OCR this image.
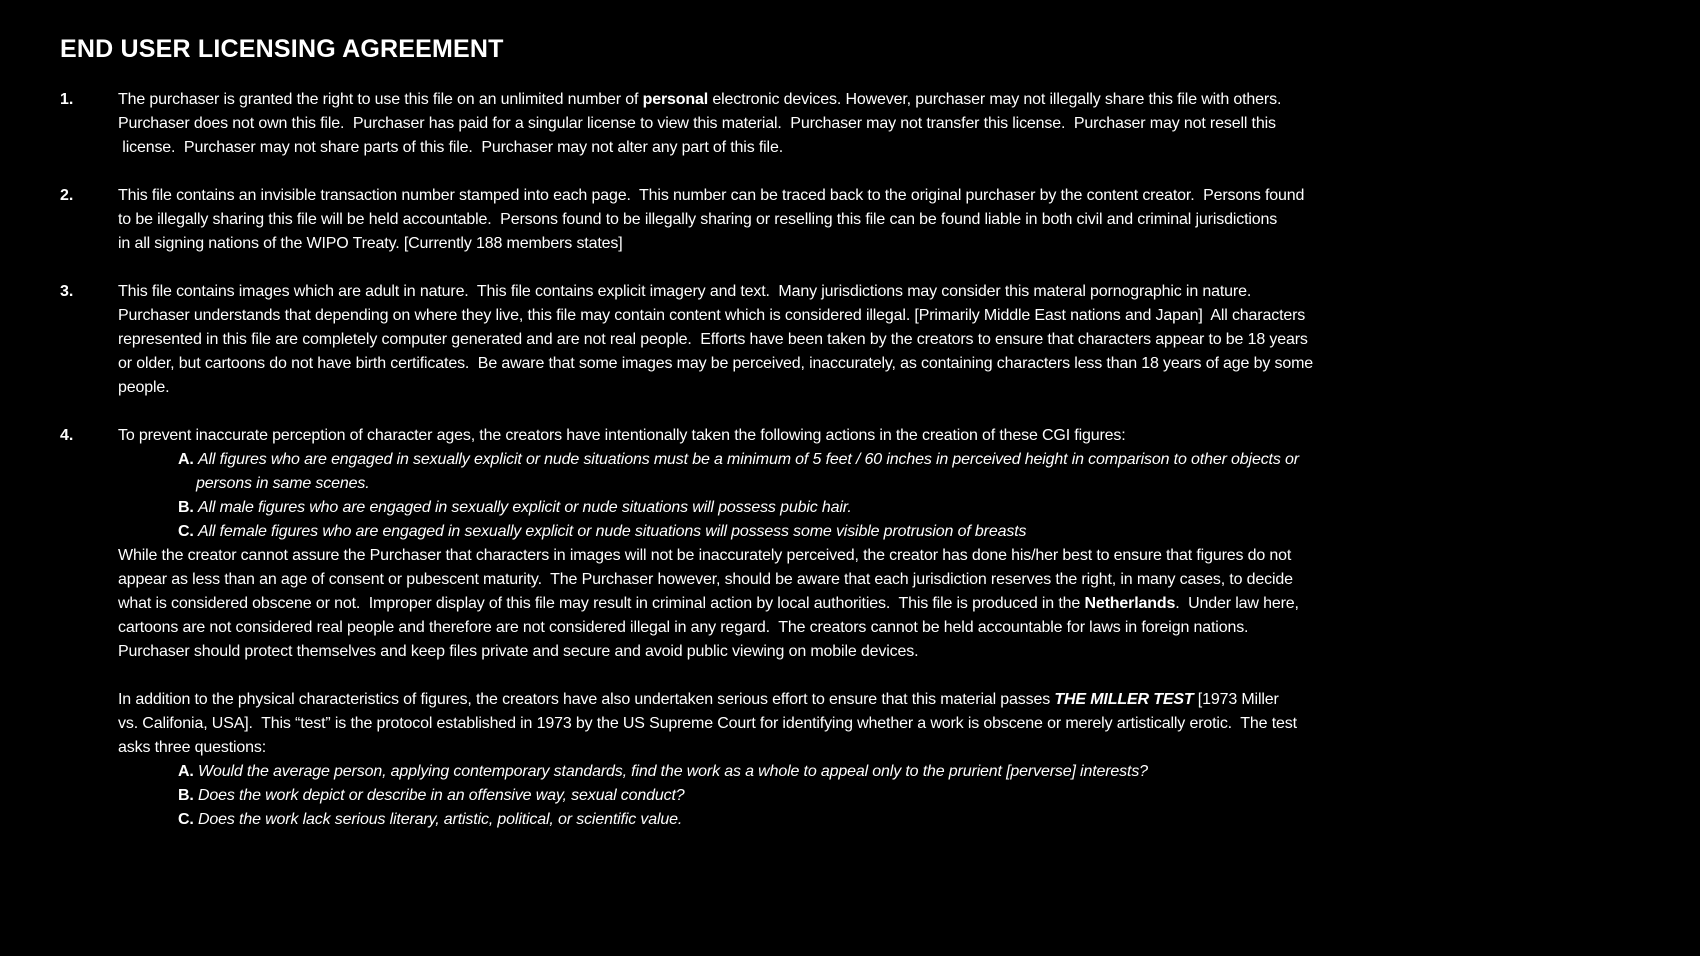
END USER LICENSING AGREEMENT
1.	The purchaser is granted the right to use this file on an unlimited number of personal electronic devices. However, purchaser may not illegally share this file with others.
Purchaser does not own this file.  Purchaser has paid for a singular license to view this material.  Purchaser may not transfer this license.  Purchaser may not resell this
license.  Purchaser may not share parts of this file.  Purchaser may not alter any part of this file.
2.	This file contains an invisible transaction number stamped into each page.  This number can be traced back to the original purchaser by the content creator.  Persons found
to be illegally sharing this file will be held accountable.  Persons found to be illegally sharing or reselling this file can be found liable in both civil and criminal jurisdictions
in all signing nations of the WIPO Treaty. [Currently 188 members states]
3.	This file contains images which are adult in nature.  This file contains explicit imagery and text.  Many jurisdictions may consider this materal pornographic in nature.
Purchaser understands that depending on where they live, this file may contain content which is considered illegal. [Primarily Middle East nations and Japan]  All characters
represented in this file are completely computer generated and are not real people.  Efforts have been taken by the creators to ensure that characters appear to be 18 years
or older, but cartoons do not have birth certificates.  Be aware that some images may be perceived, inaccurately, as containing characters less than 18 years of age by some
people.
4.	To prevent inaccurate perception of character ages, the creators have intentionally taken the following actions in the creation of these CGI figures:
A. All figures who are engaged in sexually explicit or nude situations must be a minimum of 5 feet / 60 inches in perceived height in comparison to other objects or
persons in same scenes.
B. All male figures who are engaged in sexually explicit or nude situations will possess pubic hair.
C. All female figures who are engaged in sexually explicit or nude situations will possess some visible protrusion of breasts
While the creator cannot assure the Purchaser that characters in images will not be inaccurately perceived, the creator has done his/her best to ensure that figures do not
appear as less than an age of consent or pubescent maturity.  The Purchaser however, should be aware that each jurisdiction reserves the right, in many cases, to decide
what is considered obscene or not.  Improper display of this file may result in criminal action by local authorities.  This file is produced in the Netherlands.  Under law here,
cartoons are not considered real people and therefore are not considered illegal in any regard.  The creators cannot be held accountable for laws in foreign nations.
Purchaser should protect themselves and keep files private and secure and avoid public viewing on mobile devices.
In addition to the physical characteristics of figures, the creators have also undertaken serious effort to ensure that this material passes THE MILLER TEST [1973 Miller
vs. Califonia, USA].  This “test” is the protocol established in 1973 by the US Supreme Court for identifying whether a work is obscene or merely artistically erotic.  The test
asks three questions:
A. Would the average person, applying contemporary standards, find the work as a whole to appeal only to the prurient [perverse] interests?
B. Does the work depict or describe in an offensive way, sexual conduct?
C. Does the work lack serious literary, artistic, political, or scientific value.
